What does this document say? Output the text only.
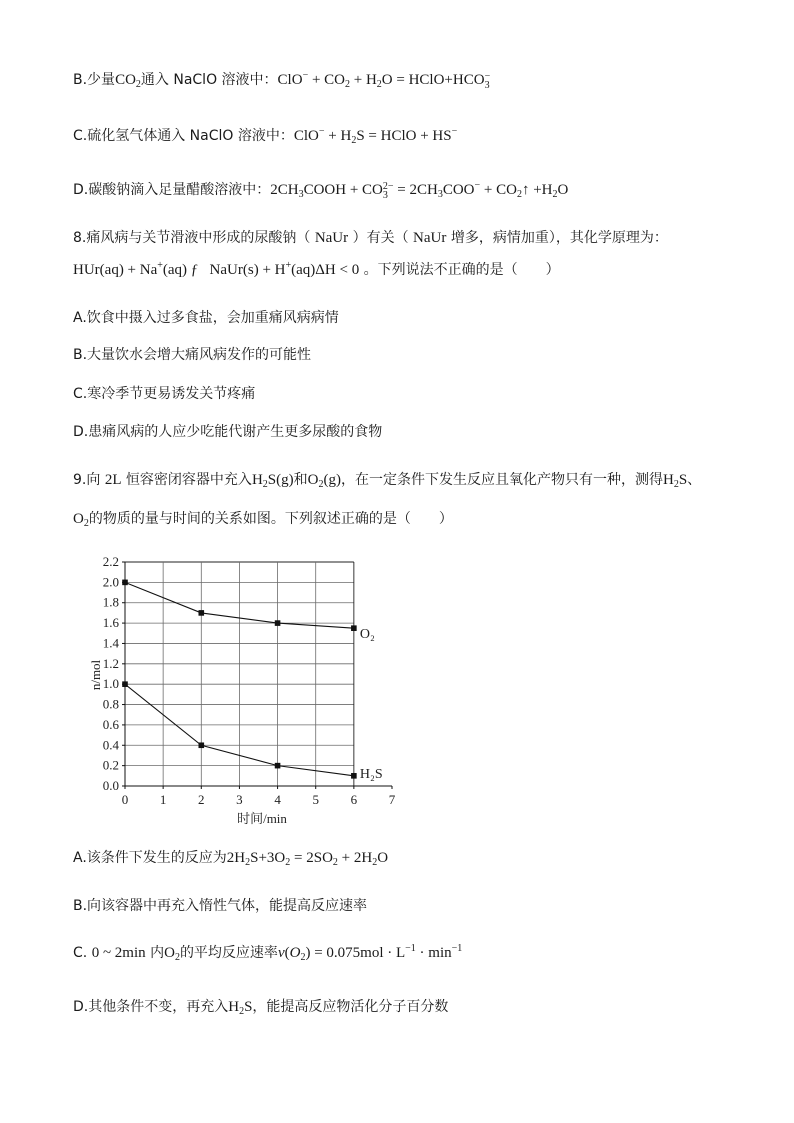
B.少量$CO_2$通入 NaClO 溶液中：$ClO^- + CO_2 + H_2O$ = HClO+HCO −
3
C.硫化氢气体通入 NaClO 溶液中：$ClO^- + H_2S$ = HClO + HS−
D.碳酸钠滴入足量醋酸溶液中：$2CH_3COOH$ + CO 2−
$3 = 2CH_3COO^-$ + $CO_2↑ +H_2O$
8.痛风病与关节滑液中形成的尿酸钠（ NaUr ）有关（ NaUr 增多，病情加重），其化学原理为：
HUr(aq) + Na+(aq) ƒ   NaUr(s) + H+(aq)ΔH < 0 。下列说法不正确的是（　　）
A.饮食中摄入过多食盐，会加重痛风病病情
B.大量饮水会增大痛风病发作的可能性
C.寒冷季节更易诱发关节疼痛
D.患痛风病的人应少吃能代谢产生更多尿酸的食物
9.向 2L 恒容密闭容器中充入$H_2S(g)$和$O_2(g)$，在一定条件下发生反应且氧化产物只有一种，测得$H_2S$、
$O_2$的物质的量与时间的关系如图。下列叙述正确的是（　　）
0.0
0.2
0.4
0.6
0.8
1.0
1.2
1.4
1.6
1.8
2.0
2.2
0 1 2 3 4 5 6 7
O₂
H₂S
n/mol
时间/min
A.该条件下发生的反应为$2H_2S+3O_2 = 2SO_2 + 2H_2O$
B.向该容器中再充入惰性气体，能提高反应速率
C. 0 ~ 2min 内$O_2$的平均反应速率$v(O_2) = 0.075mol \cdot L^{-1} \cdot \min^{-1}$
D.其他条件不变，再充入$H_2S$，能提高反应物活化分子百分数
